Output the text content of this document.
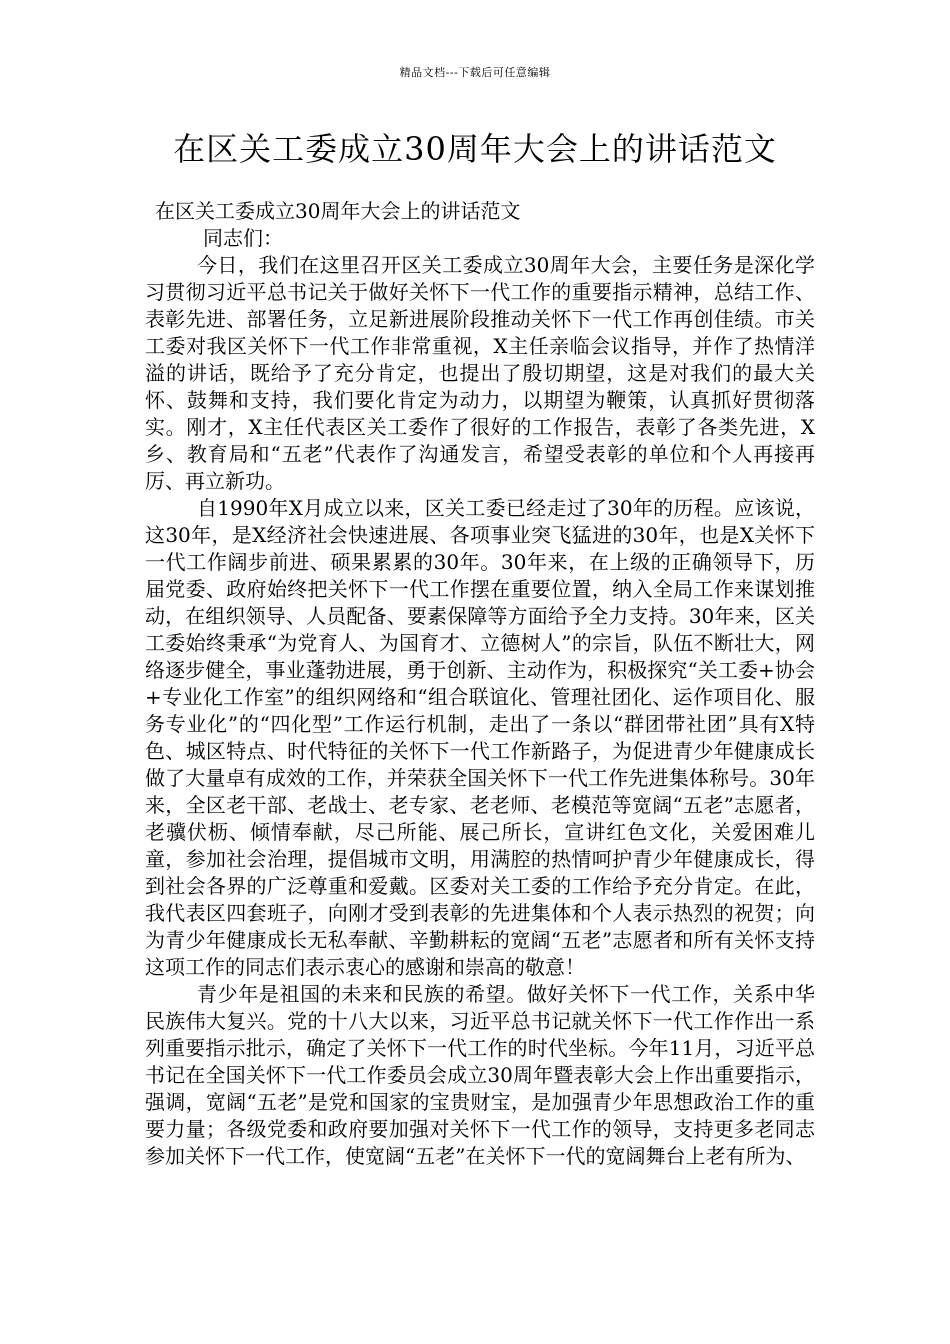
精品文档---下载后可任意编辑
在区关工委成立30周年大会上的讲话范文

在区关工委成立30周年大会上的讲话范文

同志们：

今日，我们在这里召开区关工委成立30周年大会，主要任务是深化学习贯彻习近平总书记关于做好关怀下一代工作的重要指示精神，总结工作、表彰先进、部署任务，立足新进展阶段推动关怀下一代工作再创佳绩。市关工委对我区关怀下一代工作非常重视，X主任亲临会议指导，并作了热情洋溢的讲话，既给予了充分肯定，也提出了殷切期望，这是对我们的最大关怀、鼓舞和支持，我们要化肯定为动力，以期望为鞭策，认真抓好贯彻落实。刚才，X主任代表区关工委作了很好的工作报告，表彰了各类先进，X乡、教育局和“五老”代表作了沟通发言，希望受表彰的单位和个人再接再厉、再立新功。

自1990年X月成立以来，区关工委已经走过了30年的历程。应该说，这30年，是X经济社会快速进展、各项事业突飞猛进的30年，也是X关怀下一代工作阔步前进、硕果累累的30年。30年来，在上级的正确领导下，历届党委、政府始终把关怀下一代工作摆在重要位置，纳入全局工作来谋划推动，在组织领导、人员配备、要素保障等方面给予全力支持。30年来，区关工委始终秉承“为党育人、为国育才、立德树人”的宗旨，队伍不断壮大，网络逐步健全，事业蓬勃进展，勇于创新、主动作为，积极探究“关工委+协会+专业化工作室”的组织网络和“组合联谊化、管理社团化、运作项目化、服务专业化”的“四化型”工作运行机制，走出了一条以“群团带社团”具有X特色、城区特点、时代特征的关怀下一代工作新路子，为促进青少年健康成长做了大量卓有成效的工作，并荣获全国关怀下一代工作先进集体称号。30年来，全区老干部、老战士、老专家、老老师、老模范等宽阔“五老”志愿者，老骥伏枥、倾情奉献，尽己所能、展己所长，宣讲红色文化，关爱困难儿童，参加社会治理，提倡城市文明，用满腔的热情呵护青少年健康成长，得到社会各界的广泛尊重和爱戴。区委对关工委的工作给予充分肯定。在此，我代表区四套班子，向刚才受到表彰的先进集体和个人表示热烈的祝贺；向为青少年健康成长无私奉献、辛勤耕耘的宽阔“五老”志愿者和所有关怀支持这项工作的同志们表示衷心的感谢和崇高的敬意！

青少年是祖国的未来和民族的希望。做好关怀下一代工作，关系中华民族伟大复兴。党的十八大以来，习近平总书记就关怀下一代工作作出一系列重要指示批示，确定了关怀下一代工作的时代坐标。今年11月，习近平总书记在全国关怀下一代工作委员会成立30周年暨表彰大会上作出重要指示，强调，宽阔“五老”是党和国家的宝贵财宝，是加强青少年思想政治工作的重要力量；各级党委和政府要加强对关怀下一代工作的领导，支持更多老同志参加关怀下一代工作，使宽阔“五老”在关怀下一代的宽阔舞台上老有所为、
